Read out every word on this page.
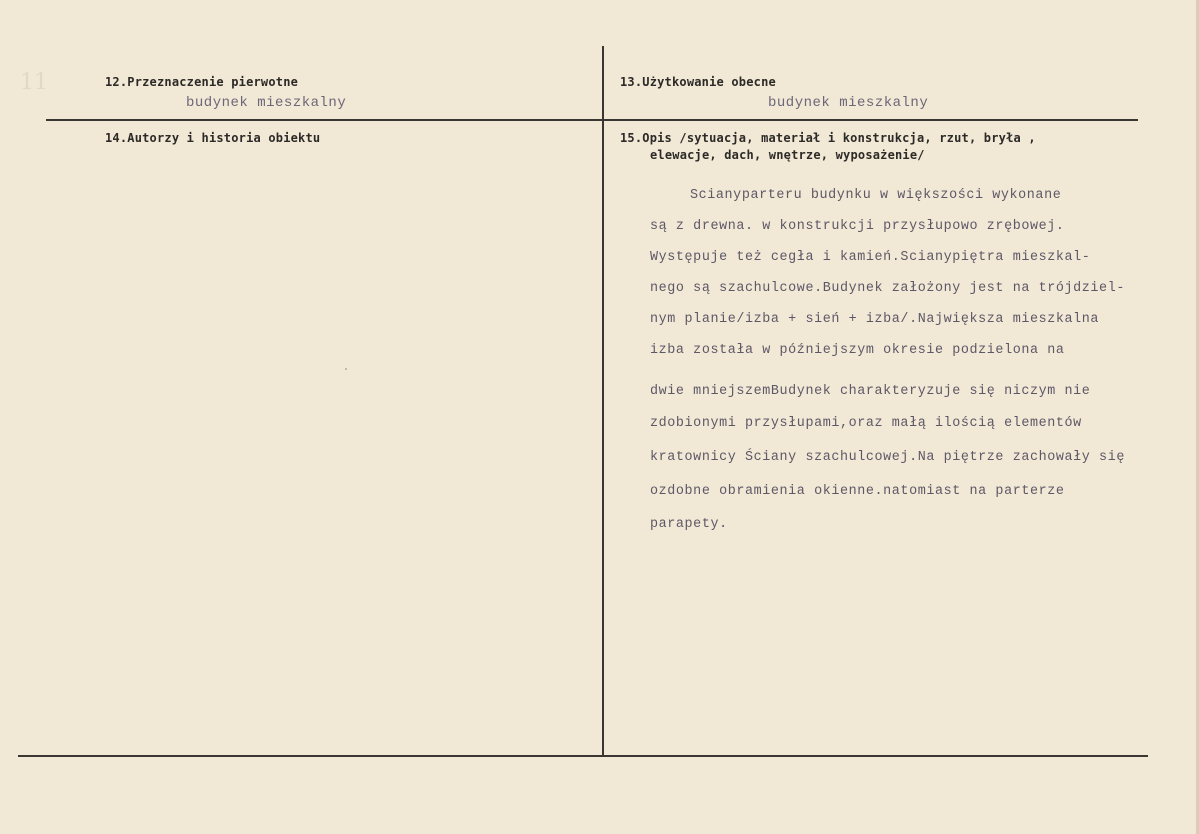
11	12.Przeznaczenie pierwotne
budynek mieszkalny
13.Użytkowanie obecne
budynek mieszkalny
14.Autorzy i historia obiektu	15.Opis /sytuacja, materiał i konstrukcja, rzut, bryła ,
elewacje, dach, wnętrze, wyposażenie/
Scianyparteru budynku w większości wykonane
są z drewna. w konstrukcji przysłupowo zrębowej.
Występuje też cegła i kamień.Scianypiętra mieszkal-
nego są szachulcowe.Budynek założony jest na trójdziel-
nym planie/izba + sień + izba/.Największa mieszkalna
izba została w późniejszym okresie podzielona na
dwie mniejszemBudynek charakteryzuje się niczym nie
zdobionymi przysłupami,oraz małą ilością elementów
kratownicy Ściany szachulcowej.Na piętrze zachowały się
ozdobne obramienia okienne.natomiast na parterze
parapety.
